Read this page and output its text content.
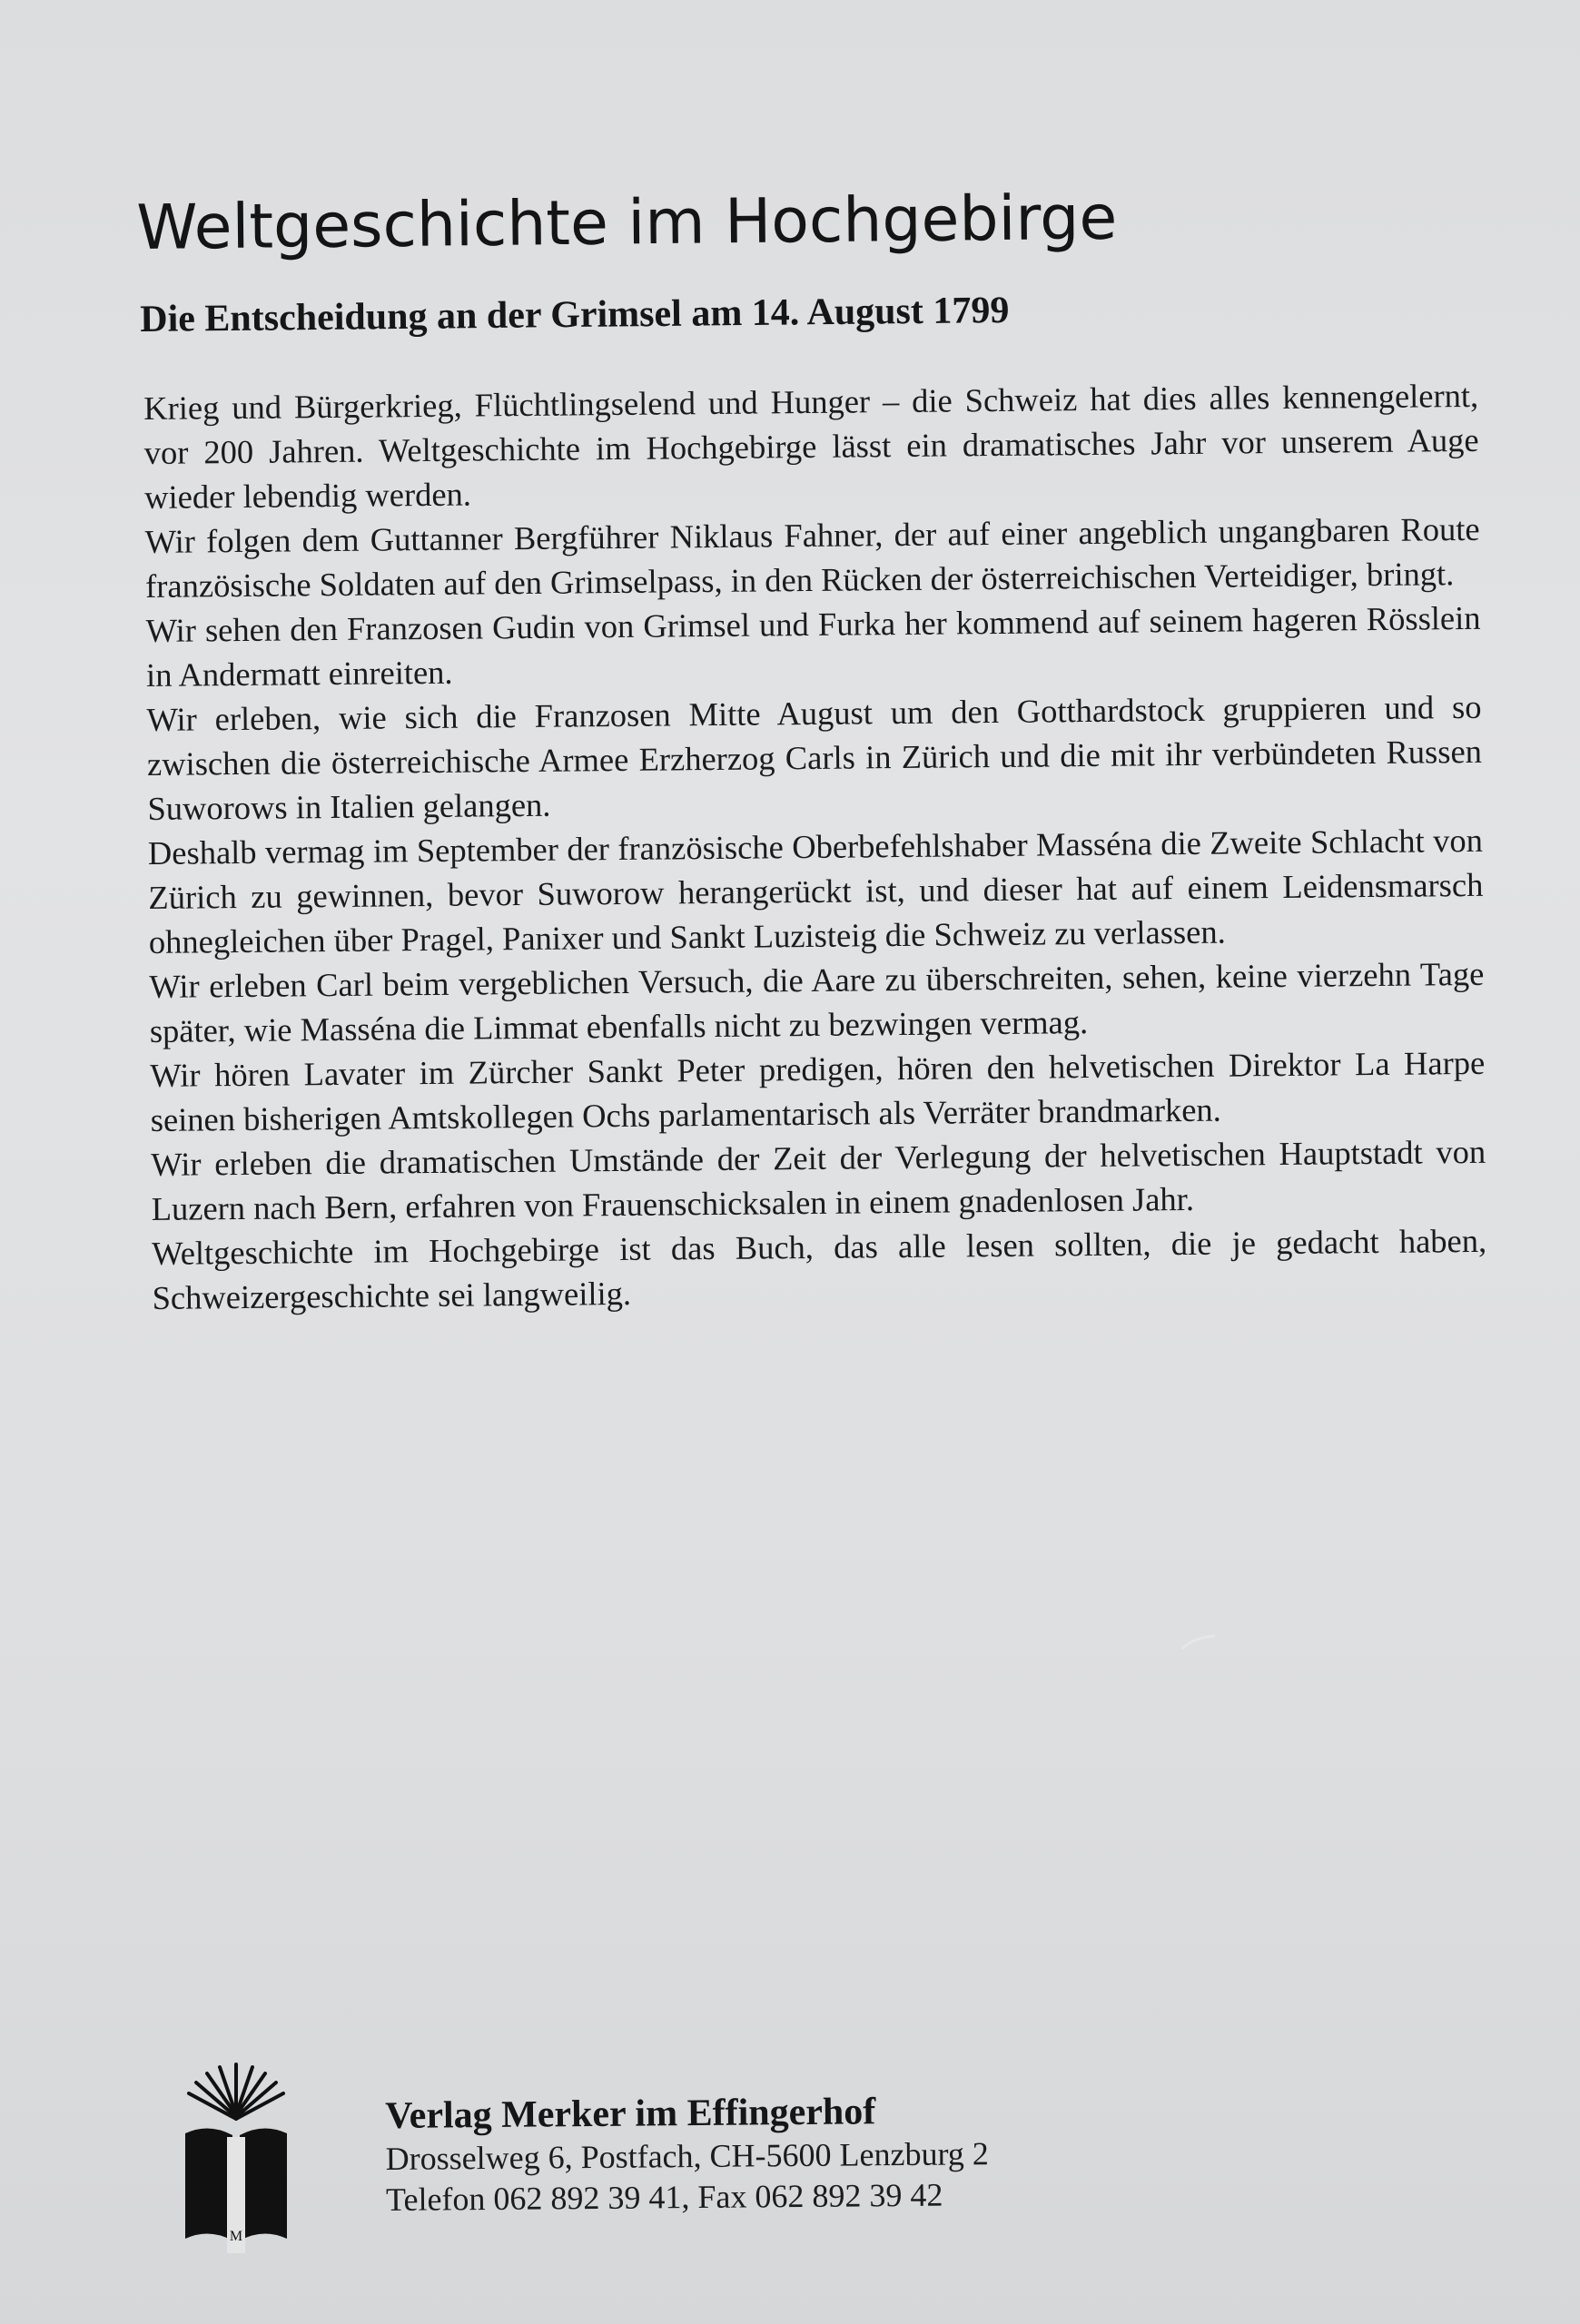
Weltgeschichte im Hochgebirge
Die Entscheidung an der Grimsel am 14. August 1799

Krieg und Bürgerkrieg, Flüchtlingselend und Hunger – die Schweiz hat dies alles kennengelernt, vor 200 Jahren. Weltgeschichte im Hochgebirge lässt ein dramatisches Jahr vor unserem Auge wieder lebendig werden.

Wir folgen dem Guttanner Bergführer Niklaus Fahner, der auf einer angeblich ungangbaren Route französische Soldaten auf den Grimselpass, in den Rücken der österreichischen Verteidiger, bringt.

Wir sehen den Franzosen Gudin von Grimsel und Furka her kommend auf seinem hageren Rösslein in Andermatt einreiten.

Wir erleben, wie sich die Franzosen Mitte August um den Gotthardstock gruppieren und so zwischen die österreichische Armee Erzherzog Carls in Zürich und die mit ihr verbündeten Russen Suworows in Italien gelangen.

Deshalb vermag im September der französische Oberbefehlshaber Masséna die Zweite Schlacht von Zürich zu gewinnen, bevor Suworow herangerückt ist, und dieser hat auf einem Leidensmarsch ohnegleichen über Pragel, Panixer und Sankt Luzisteig die Schweiz zu verlassen.

Wir erleben Carl beim vergeblichen Versuch, die Aare zu überschreiten, sehen, keine vierzehn Tage später, wie Masséna die Limmat ebenfalls nicht zu bezwingen vermag.

Wir hören Lavater im Zürcher Sankt Peter predigen, hören den helvetischen Direktor La Harpe seinen bisherigen Amtskollegen Ochs parlamentarisch als Verräter brandmarken.

Wir erleben die dramatischen Umstände der Zeit der Verlegung der helvetischen Hauptstadt von Luzern nach Bern, erfahren von Frauenschicksalen in einem gnadenlosen Jahr.

Weltgeschichte im Hochgebirge ist das Buch, das alle lesen sollten, die je gedacht haben, Schweizergeschichte sei langweilig.

M
Verlag Merker im Effingerhof
Drosselweg 6, Postfach, CH-5600 Lenzburg 2
Telefon 062 892 39 41, Fax 062 892 39 42
